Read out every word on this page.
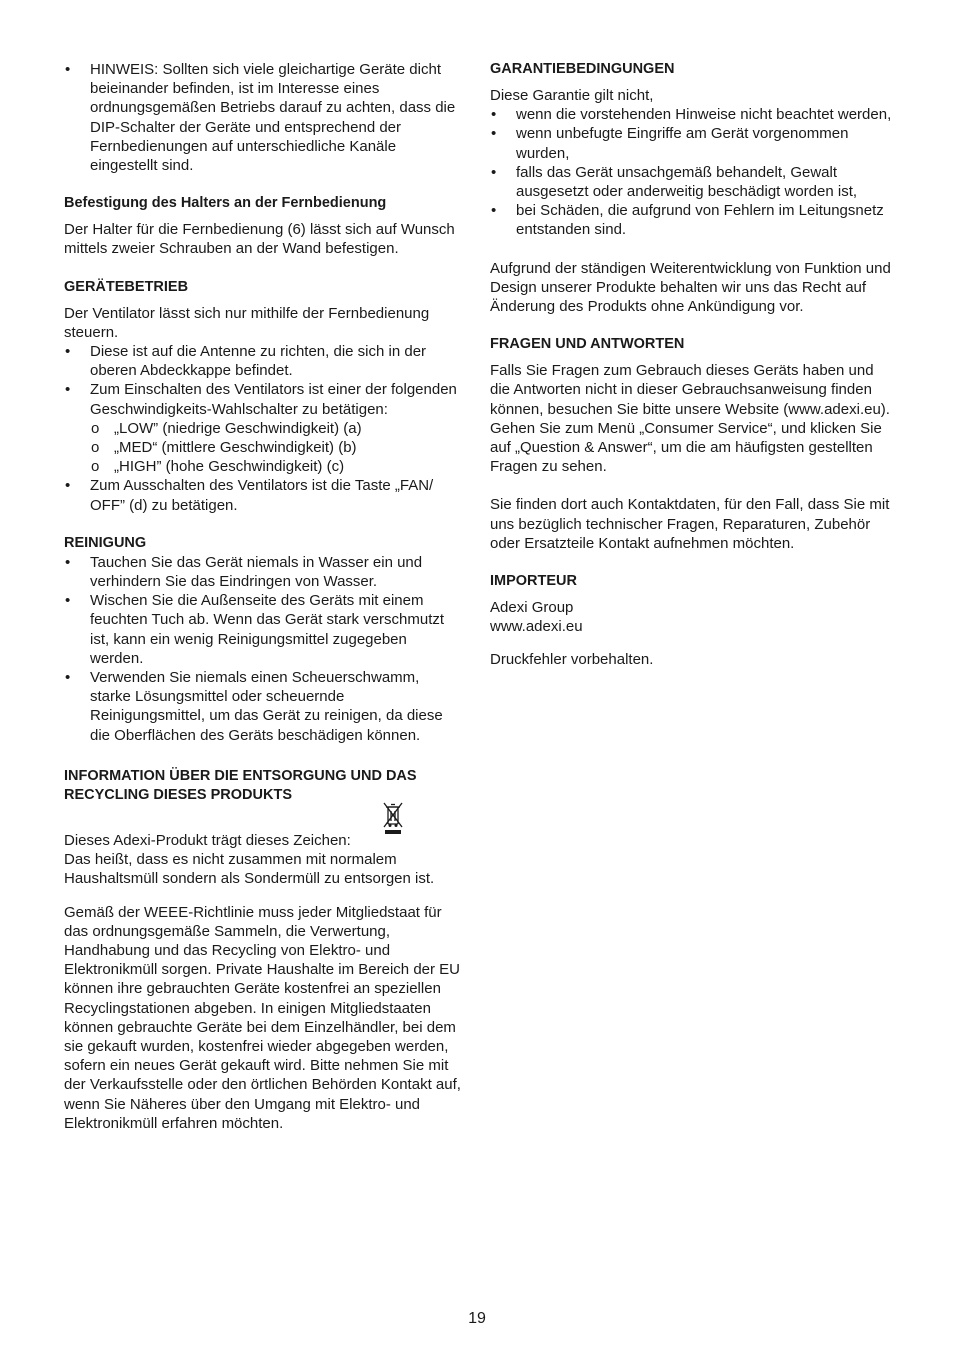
• HINWEIS: Sollten sich viele gleichartige Geräte dicht beieinander befinden, ist im Interesse eines ordnungsgemäßen Betriebs darauf zu achten, dass die DIP-Schalter der Geräte und entsprechend der Fernbedienungen auf unterschiedliche Kanäle eingestellt sind.
Befestigung des Halters an der Fernbedienung

Der Halter für die Fernbedienung (6) lässt sich auf Wunsch mittels zweier Schrauben an der Wand befestigen.

GERÄTEBETRIEB

Der Ventilator lässt sich nur mithilfe der Fernbedienung steuern.

• Diese ist auf die Antenne zu richten, die sich in der oberen Abdeckkappe befindet.
• Zum Einschalten des Ventilators ist einer der folgenden Geschwindigkeits-Wahlschalter zu betätigen:
o „LOW” (niedrige Geschwindigkeit) (a)
o „MED“ (mittlere Geschwindigkeit) (b)
o „HIGH” (hohe Geschwindigkeit) (c)
• Zum Ausschalten des Ventilators ist die Taste „FAN/ OFF” (d) zu betätigen.
REINIGUNG
• Tauchen Sie das Gerät niemals in Wasser ein und verhindern Sie das Eindringen von Wasser.
• Wischen Sie die Außenseite des Geräts mit einem feuchten Tuch ab. Wenn das Gerät stark verschmutzt ist, kann ein wenig Reinigungsmittel zugegeben werden.
• Verwenden Sie niemals einen Scheuerschwamm, starke Lösungsmittel oder scheuernde Reinigungsmittel, um das Gerät zu reinigen, da diese die Oberflächen des Geräts beschädigen können.
INFORMATION ÜBER DIE ENTSORGUNG UND DAS RECYCLING DIESES PRODUKTS

Dieses Adexi-Produkt trägt dieses Zeichen:

Das heißt, dass es nicht zusammen mit normalem Haushaltsmüll sondern als Sondermüll zu entsorgen ist.

Gemäß der WEEE-Richtlinie muss jeder Mitgliedstaat für das ordnungsgemäße Sammeln, die Verwertung, Handhabung und das Recycling von Elektro- und Elektronikmüll sorgen. Private Haushalte im Bereich der EU können ihre gebrauchten Geräte kostenfrei an speziellen Recyclingstationen abgeben. In einigen Mitgliedstaaten können gebrauchte Geräte bei dem Einzelhändler, bei dem sie gekauft wurden, kostenfrei wieder abgegeben werden, sofern ein neues Gerät gekauft wird. Bitte nehmen Sie mit der Verkaufsstelle oder den örtlichen Behörden Kontakt auf, wenn Sie Näheres über den Umgang mit Elektro- und Elektronikmüll erfahren möchten.

GARANTIEBEDINGUNGEN

Diese Garantie gilt nicht,

• wenn die vorstehenden Hinweise nicht beachtet werden,
• wenn unbefugte Eingriffe am Gerät vorgenommen wurden,
• falls das Gerät unsachgemäß behandelt, Gewalt ausgesetzt oder anderweitig beschädigt worden ist,
• bei Schäden, die aufgrund von Fehlern im Leitungsnetz entstanden sind.

Aufgrund der ständigen Weiterentwicklung von Funktion und Design unserer Produkte behalten wir uns das Recht auf Änderung des Produkts ohne Ankündigung vor.

FRAGEN UND ANTWORTEN

Falls Sie Fragen zum Gebrauch dieses Geräts haben und die Antworten nicht in dieser Gebrauchsanweisung finden können, besuchen Sie bitte unsere Website (www.adexi.eu). Gehen Sie zum Menü „Consumer Service“, und klicken Sie auf „Question & Answer“, um die am häufigsten gestellten Fragen zu sehen.

Sie finden dort auch Kontaktdaten, für den Fall, dass Sie mit uns bezüglich technischer Fragen, Reparaturen, Zubehör oder Ersatzteile Kontakt aufnehmen möchten.

IMPORTEUR

Adexi Group

www.adexi.eu

Druckfehler vorbehalten.

19
